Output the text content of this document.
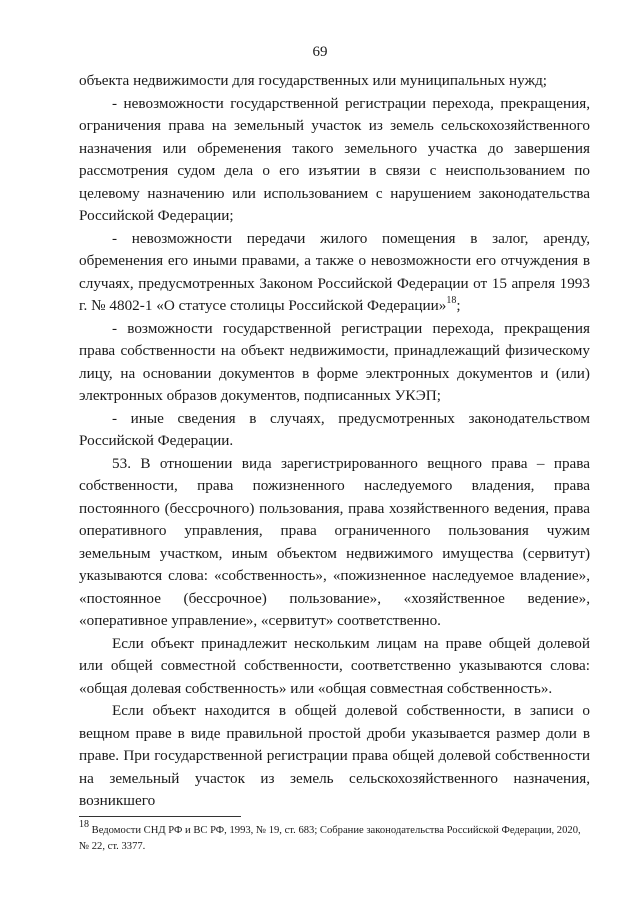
69

объекта недвижимости для государственных или муниципальных нужд;

- невозможности государственной регистрации перехода, прекращения, ограничения права на земельный участок из земель сельскохозяйственного назначения или обременения такого земельного участка до завершения рассмотрения судом дела о его изъятии в связи с неиспользованием по целевому назначению или использованием с нарушением законодательства Российской Федерации;

- невозможности передачи жилого помещения в залог, аренду, обременения его иными правами, а также о невозможности его отчуждения в случаях, предусмотренных Законом Российской Федерации от 15 апреля 1993 г. № 4802-1 «О статусе столицы Российской Федерации»$^{18}$;

- возможности государственной регистрации перехода, прекращения права собственности на объект недвижимости, принадлежащий физическому лицу, на основании документов в форме электронных документов и (или) электронных образов документов, подписанных УКЭП;

- иные сведения в случаях, предусмотренных законодательством Российской Федерации.

53. В отношении вида зарегистрированного вещного права – права собственности, права пожизненного наследуемого владения, права постоянного (бессрочного) пользования, права хозяйственного ведения, права оперативного управления, права ограниченного пользования чужим земельным участком, иным объектом недвижимого имущества (сервитут) указываются слова: «собственность», «пожизненное наследуемое владение», «постоянное (бессрочное) пользование», «хозяйственное ведение», «оперативное управление», «сервитут» соответственно.

Если объект принадлежит нескольким лицам на праве общей долевой или общей совместной собственности, соответственно указываются слова: «общая долевая собственность» или «общая совместная собственность».

Если объект находится в общей долевой собственности, в записи о вещном праве в виде правильной простой дроби указывается размер доли в праве. При государственной регистрации права общей долевой собственности на земельный участок из земель сельскохозяйственного назначения, возникшего

$^{18}$ Ведомости СНД РФ и ВС РФ, 1993, № 19, ст. 683; Собрание законодательства Российской Федерации, 2020, № 22, ст. 3377.
